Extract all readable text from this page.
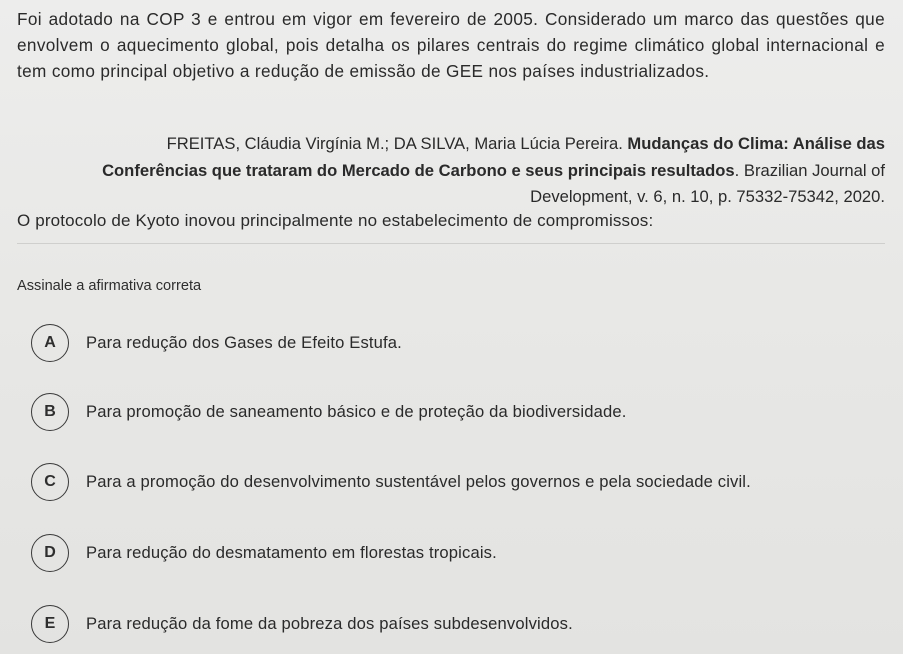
Foi adotado na COP 3 e entrou em vigor em fevereiro de 2005. Considerado um marco das questões que envolvem o aquecimento global, pois detalha os pilares centrais do regime climático global internacional e tem como principal objetivo a redução de emissão de GEE nos países industrializados.
FREITAS, Cláudia Virgínia M.; DA SILVA, Maria Lúcia Pereira. Mudanças do Clima: Análise das Conferências que trataram do Mercado de Carbono e seus principais resultados. Brazilian Journal of Development, v. 6, n. 10, p. 75332-75342, 2020.
O protocolo de Kyoto inovou principalmente no estabelecimento de compromissos:
Assinale a afirmativa correta
A	Para redução dos Gases de Efeito Estufa.
B	Para promoção de saneamento básico e de proteção da biodiversidade.
C	Para a promoção do desenvolvimento sustentável pelos governos e pela sociedade civil.
D	Para redução do desmatamento em florestas tropicais.
E	Para redução da fome da pobreza dos países subdesenvolvidos.
